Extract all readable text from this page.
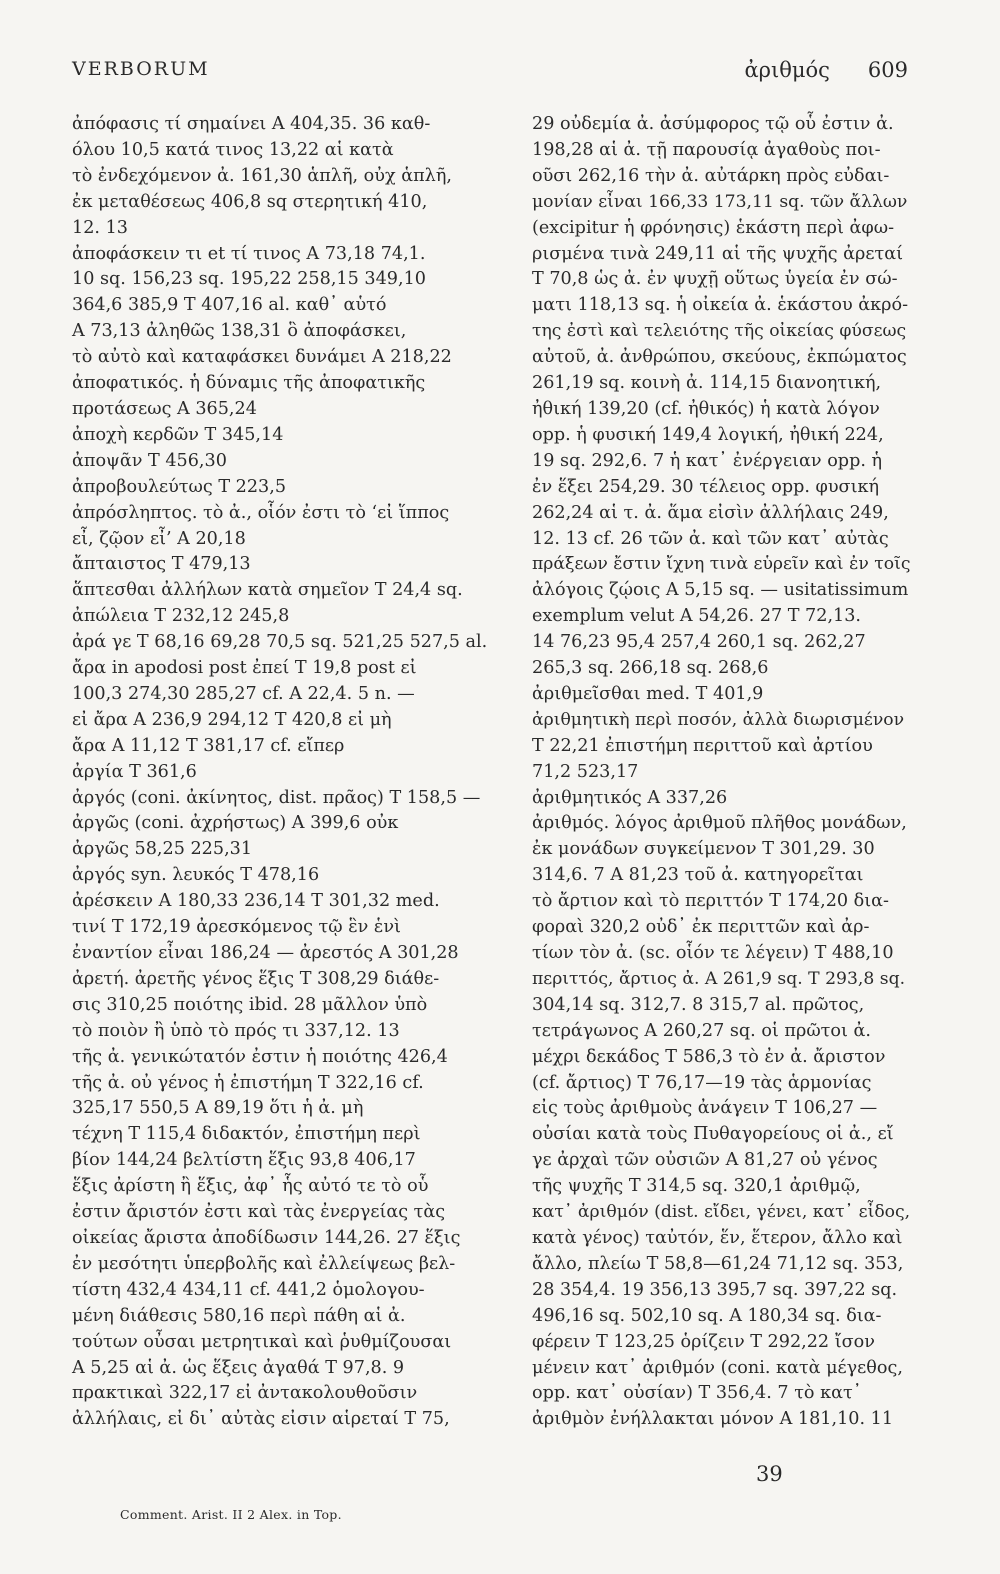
VERBORUM	ἀριθμός 609
ἀπόφασις τί σημαίνει A 404,35. 36 καθ-
όλου 10,5 κατά τινος 13,22 αἱ κατὰ
τὸ ἐνδεχόμενον ἀ. 161,30 ἁπλῆ, οὐχ ἁπλῆ,
ἐκ μεταθέσεως 406,8 sq στερητική 410,
12. 13
ἀποφάσκειν τι et τί τινος A 73,18 74,1.
10 sq. 156,23 sq. 195,22 258,15 349,10
364,6 385,9 T 407,16 al. καθ᾽ αὑτό
A 73,13 ἀληθῶς 138,31 ὃ ἀποφάσκει,
τὸ αὐτὸ καὶ καταφάσκει δυνάμει A 218,22
ἀποφατικός. ἡ δύναμις τῆς ἀποφατικῆς
προτάσεως A 365,24
ἀποχὴ κερδῶν T 345,14
ἀποψᾶν T 456,30
ἀπροβουλεύτως T 223,5
ἀπρόσληπτος. τὸ ἀ., οἷόν ἐστι τὸ ‘εἰ ἵππος
εἶ, ζῷον εἶ’ A 20,18
ἄπταιστος T 479,13
ἅπτεσθαι ἀλλήλων κατὰ σημεῖον T 24,4 sq.
ἀπώλεια T 232,12 245,8
ἀρά γε T 68,16 69,28 70,5 sq. 521,25 527,5 al.
ἄρα in apodosi post ἐπεί T 19,8 post εἰ
100,3 274,30 285,27 cf. A 22,4. 5 n. —
εἰ ἄρα A 236,9 294,12 T 420,8 εἰ μὴ
ἄρα A 11,12 T 381,17 cf. εἴπερ
ἀργία T 361,6
ἀργός (coni. ἀκίνητος, dist. πρᾶος) T 158,5 —
ἀργῶς (coni. ἀχρήστως) A 399,6 οὐκ
ἀργῶς 58,25 225,31
ἀργός syn. λευκός T 478,16
ἀρέσκειν A 180,33 236,14 T 301,32 med.
τινί T 172,19 ἀρεσκόμενος τῷ ἓν ἑνὶ
ἐναντίον εἶναι 186,24 — ἀρεστός A 301,28
ἀρετή. ἀρετῆς γένος ἕξις T 308,29 διάθε-
σις 310,25 ποιότης ibid. 28 μᾶλλον ὑπὸ
τὸ ποιὸν ἢ ὑπὸ τὸ πρός τι 337,12. 13
τῆς ἀ. γενικώτατόν ἐστιν ἡ ποιότης 426,4
τῆς ἀ. οὐ γένος ἡ ἐπιστήμη T 322,16 cf.
325,17 550,5 A 89,19 ὅτι ἡ ἀ. μὴ
τέχνη T 115,4 διδακτόν, ἐπιστήμη περὶ
βίον 144,24 βελτίστη ἕξις 93,8 406,17
ἕξις ἀρίστη ἢ ἕξις, ἀφ᾽ ἧς αὐτό τε τὸ οὗ
ἐστιν ἄριστόν ἐστι καὶ τὰς ἐνεργείας τὰς
οἰκείας ἄριστα ἀποδίδωσιν 144,26. 27 ἕξις
ἐν μεσότητι ὑπερβολῆς καὶ ἐλλείψεως βελ-
τίστη 432,4 434,11 cf. 441,2 ὁμολογου-
μένη διάθεσις 580,16 περὶ πάθη αἱ ἀ.
τούτων οὖσαι μετρητικαὶ καὶ ῥυθμίζουσαι
A 5,25 αἱ ἀ. ὡς ἕξεις ἀγαθά T 97,8. 9
πρακτικαὶ 322,17 εἰ ἀντακολουθοῦσιν
ἀλλήλαις, εἰ δι᾽ αὐτὰς εἰσιν αἱρεταί T 75,
29 οὐδεμία ἀ. ἀσύμφορος τῷ οὗ ἐστιν ἀ.
198,28 αἱ ἀ. τῇ παρουσίᾳ ἀγαθοὺς ποι-
οῦσι 262,16 τὴν ἀ. αὐτάρκη πρὸς εὐδαι-
μονίαν εἶναι 166,33 173,11 sq. τῶν ἄλλων
(excipitur ἡ φρόνησις) ἑκάστη περὶ ἀφω-
ρισμένα τινὰ 249,11 αἱ τῆς ψυχῆς ἀρεταί
T 70,8 ὡς ἀ. ἐν ψυχῇ οὕτως ὑγεία ἐν σώ-
ματι 118,13 sq. ἡ οἰκεία ἀ. ἑκάστου ἀκρό-
της ἐστὶ καὶ τελειότης τῆς οἰκείας φύσεως
αὐτοῦ, ἀ. ἀνθρώπου, σκεύους, ἐκπώματος
261,19 sq. κοινὴ ἀ. 114,15 διανοητική,
ἠθική 139,20 (cf. ἠθικός) ἡ κατὰ λόγον
opp. ἡ φυσική 149,4 λογική, ἠθική 224,
19 sq. 292,6. 7 ἡ κατ᾽ ἐνέργειαν opp. ἡ
ἐν ἕξει 254,29. 30 τέλειος opp. φυσική
262,24 αἱ τ. ἀ. ἅμα εἰσὶν ἀλλήλαις 249,
12. 13 cf. 26 τῶν ἀ. καὶ τῶν κατ᾽ αὐτὰς
πράξεων ἔστιν ἴχνη τινὰ εὑρεῖν καὶ ἐν τοῖς
ἀλόγοις ζῴοις A 5,15 sq. — usitatissimum
exemplum velut A 54,26. 27 T 72,13.
14 76,23 95,4 257,4 260,1 sq. 262,27
265,3 sq. 266,18 sq. 268,6
ἀριθμεῖσθαι med. T 401,9
ἀριθμητικὴ περὶ ποσόν, ἀλλὰ διωρισμένον
T 22,21 ἐπιστήμη περιττοῦ καὶ ἀρτίου
71,2 523,17
ἀριθμητικός A 337,26
ἀριθμός. λόγος ἀριθμοῦ πλῆθος μονάδων,
ἐκ μονάδων συγκείμενον T 301,29. 30
314,6. 7 A 81,23 τοῦ ἀ. κατηγορεῖται
τὸ ἄρτιον καὶ τὸ περιττόν T 174,20 δια-
φοραὶ 320,2 οὐδ᾽ ἐκ περιττῶν καὶ ἀρ-
τίων τὸν ἀ. (sc. οἷόν τε λέγειν) T 488,10
περιττός, ἄρτιος ἀ. A 261,9 sq. T 293,8 sq.
304,14 sq. 312,7. 8 315,7 al. πρῶτος,
τετράγωνος A 260,27 sq. οἱ πρῶτοι ἀ.
μέχρι δεκάδος T 586,3 τὸ ἐν ἀ. ἄριστον
(cf. ἄρτιος) T 76,17—19 τὰς ἁρμονίας
εἰς τοὺς ἀριθμοὺς ἀνάγειν T 106,27 —
οὐσίαι κατὰ τοὺς Πυθαγορείους οἱ ἀ., εἴ
γε ἀρχαὶ τῶν οὐσιῶν A 81,27 οὐ γένος
τῆς ψυχῆς T 314,5 sq. 320,1 ἀριθμῷ,
κατ᾽ ἀριθμόν (dist. εἴδει, γένει, κατ᾽ εἶδος,
κατὰ γένος) ταὐτόν, ἕν, ἕτερον, ἄλλο καὶ
ἄλλο, πλείω T 58,8—61,24 71,12 sq. 353,
28 354,4. 19 356,13 395,7 sq. 397,22 sq.
496,16 sq. 502,10 sq. A 180,34 sq. δια-
φέρειν T 123,25 ὁρίζειν T 292,22 ἴσον
μένειν κατ᾽ ἀριθμόν (coni. κατὰ μέγεθος,
opp. κατ᾽ οὐσίαν) T 356,4. 7 τὸ κατ᾽
ἀριθμὸν ἐνήλλακται μόνον A 181,10. 11
39
Comment. Arist. II 2 Alex. in Top.
